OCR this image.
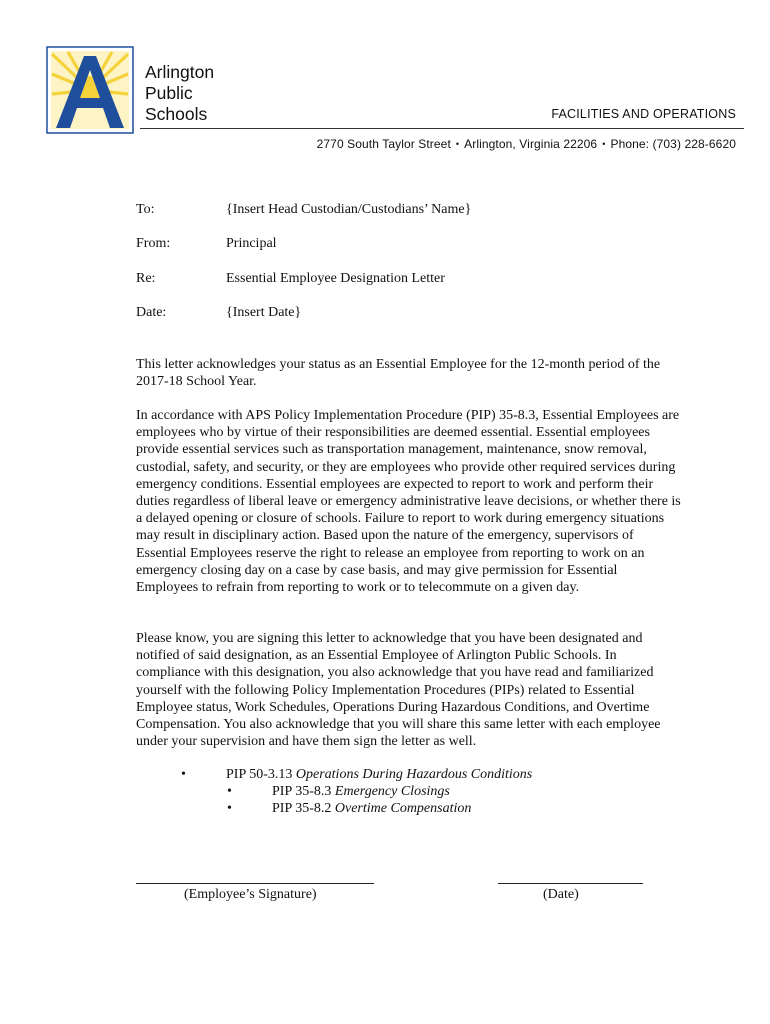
Arlington
Public
Schools	FACILITIES AND OPERATIONS
2770 South Taylor Street • Arlington, Virginia 22206 • Phone: (703) 228-6620
To:	{Insert Head Custodian/Custodians’ Name}
From:	Principal
Re:	Essential Employee Designation Letter
Date:	{Insert Date}

This letter acknowledges your status as an Essential Employee for the 12-month period of the 2017-18 School Year.

In accordance with APS Policy Implementation Procedure (PIP) 35-8.3, Essential Employees are employees who by virtue of their responsibilities are deemed essential. Essential employees provide essential services such as transportation management, maintenance, snow removal, custodial, safety, and security, or they are employees who provide other required services during emergency conditions. Essential employees are expected to report to work and perform their duties regardless of liberal leave or emergency administrative leave decisions, or whether there is a delayed opening or closure of schools. Failure to report to work during emergency situations may result in disciplinary action. Based upon the nature of the emergency, supervisors of Essential Employees reserve the right to release an employee from reporting to work on an emergency closing day on a case by case basis, and may give permission for Essential Employees to refrain from reporting to work or to telecommute on a given day.

Please know, you are signing this letter to acknowledge that you have been designated and notified of said designation, as an Essential Employee of Arlington Public Schools. In compliance with this designation, you also acknowledge that you have read and familiarized yourself with the following Policy Implementation Procedures (PIPs) related to Essential Employee status, Work Schedules, Operations During Hazardous Conditions, and Overtime Compensation. You also acknowledge that you will share this same letter with each employee under your supervision and have them sign the letter as well.

•	PIP 50-3.13 Operations During Hazardous Conditions
•	PIP 35-8.3 Emergency Closings
•	PIP 35-8.2 Overtime Compensation
(Employee’s Signature)	(Date)
